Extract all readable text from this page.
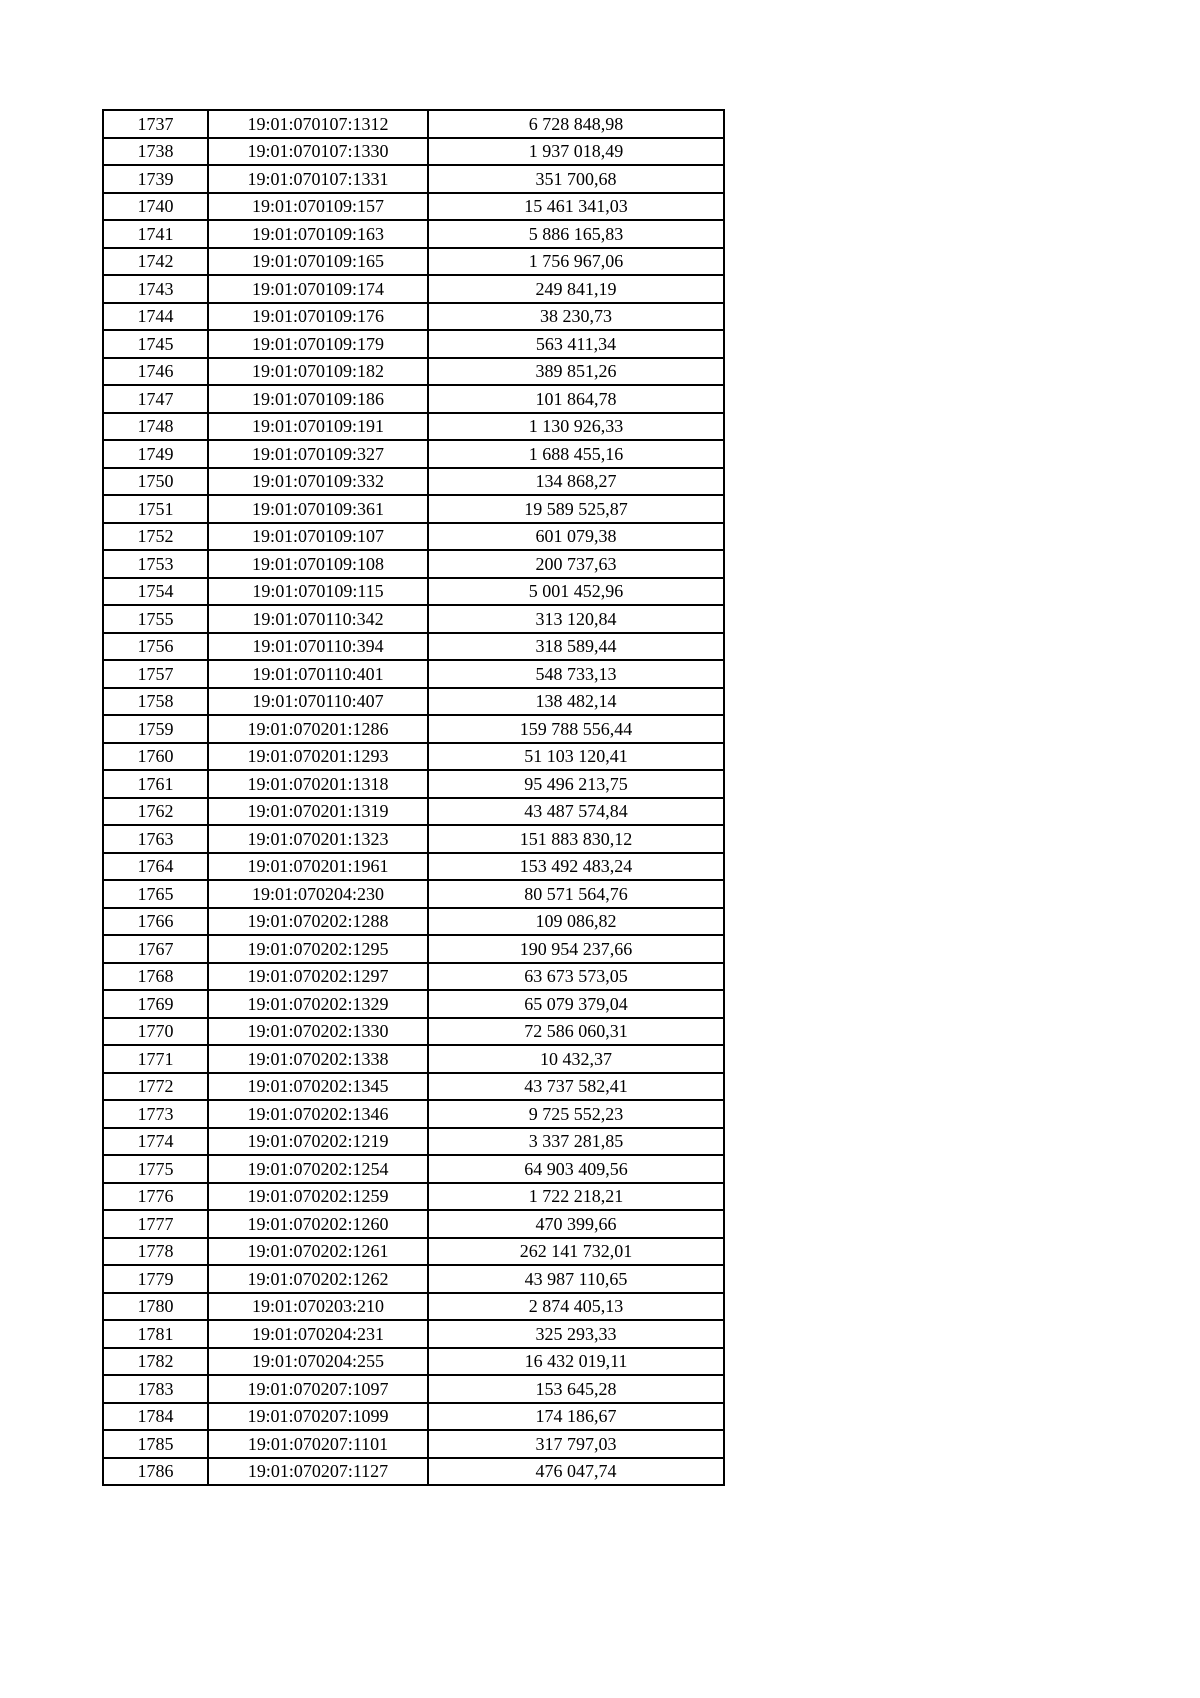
1737	19:01:070107:1312	6 728 848,98
1738	19:01:070107:1330	1 937 018,49
1739	19:01:070107:1331	351 700,68
1740	19:01:070109:157	15 461 341,03
1741	19:01:070109:163	5 886 165,83
1742	19:01:070109:165	1 756 967,06
1743	19:01:070109:174	249 841,19
1744	19:01:070109:176	38 230,73
1745	19:01:070109:179	563 411,34
1746	19:01:070109:182	389 851,26
1747	19:01:070109:186	101 864,78
1748	19:01:070109:191	1 130 926,33
1749	19:01:070109:327	1 688 455,16
1750	19:01:070109:332	134 868,27
1751	19:01:070109:361	19 589 525,87
1752	19:01:070109:107	601 079,38
1753	19:01:070109:108	200 737,63
1754	19:01:070109:115	5 001 452,96
1755	19:01:070110:342	313 120,84
1756	19:01:070110:394	318 589,44
1757	19:01:070110:401	548 733,13
1758	19:01:070110:407	138 482,14
1759	19:01:070201:1286	159 788 556,44
1760	19:01:070201:1293	51 103 120,41
1761	19:01:070201:1318	95 496 213,75
1762	19:01:070201:1319	43 487 574,84
1763	19:01:070201:1323	151 883 830,12
1764	19:01:070201:1961	153 492 483,24
1765	19:01:070204:230	80 571 564,76
1766	19:01:070202:1288	109 086,82
1767	19:01:070202:1295	190 954 237,66
1768	19:01:070202:1297	63 673 573,05
1769	19:01:070202:1329	65 079 379,04
1770	19:01:070202:1330	72 586 060,31
1771	19:01:070202:1338	10 432,37
1772	19:01:070202:1345	43 737 582,41
1773	19:01:070202:1346	9 725 552,23
1774	19:01:070202:1219	3 337 281,85
1775	19:01:070202:1254	64 903 409,56
1776	19:01:070202:1259	1 722 218,21
1777	19:01:070202:1260	470 399,66
1778	19:01:070202:1261	262 141 732,01
1779	19:01:070202:1262	43 987 110,65
1780	19:01:070203:210	2 874 405,13
1781	19:01:070204:231	325 293,33
1782	19:01:070204:255	16 432 019,11
1783	19:01:070207:1097	153 645,28
1784	19:01:070207:1099	174 186,67
1785	19:01:070207:1101	317 797,03
1786	19:01:070207:1127	476 047,74
